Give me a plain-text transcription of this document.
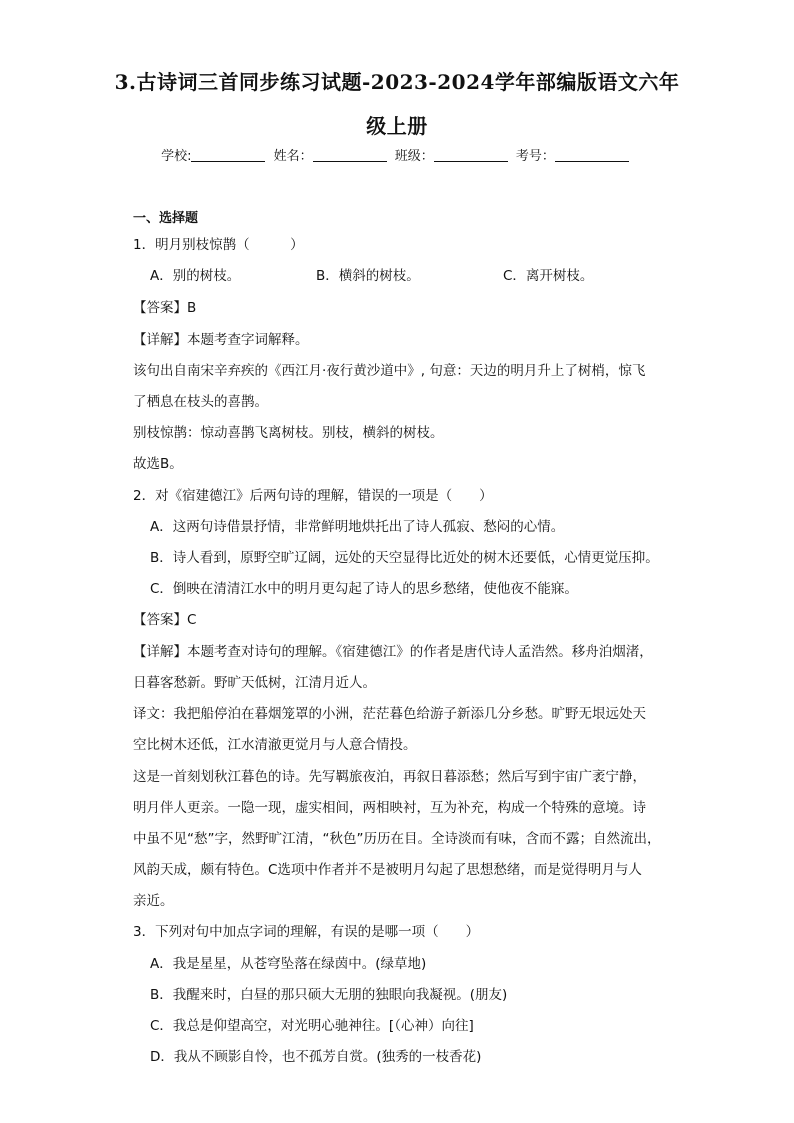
3.古诗词三首同步练习试题-2023-2024学年部编版语文六年
级上册
学校:	姓名：	班级：	考号：
一、选择题
1．明月别枝惊鹊（　　　）
A．别的树枝。	B．横斜的树枝。	C．离开树枝。
【答案】B
【详解】本题考查字词解释。
该句出自南宋辛弃疾的《西江月·夜行黄沙道中》, 句意：天边的明月升上了树梢，惊飞
了栖息在枝头的喜鹊。
别枝惊鹊：惊动喜鹊飞离树枝。别枝，横斜的树枝。
故选B。
2．对《宿建德江》后两句诗的理解，错误的一项是（　　）
A．这两句诗借景抒情，非常鲜明地烘托出了诗人孤寂、愁闷的心情。
B．诗人看到，原野空旷辽阔，远处的天空显得比近处的树木还要低，心情更觉压抑。
C．倒映在清清江水中的明月更勾起了诗人的思乡愁绪，使他夜不能寐。
【答案】C
【详解】本题考查对诗句的理解。《宿建德江》的作者是唐代诗人孟浩然。移舟泊烟渚，
日暮客愁新。野旷天低树，江清月近人。
译文：我把船停泊在暮烟笼罩的小洲，茫茫暮色给游子新添几分乡愁。旷野无垠远处天
空比树木还低，江水清澈更觉月与人意合情投。
这是一首刻划秋江暮色的诗。先写羁旅夜泊，再叙日暮添愁；然后写到宇宙广袤宁静，
明月伴人更亲。一隐一现，虚实相间，两相映衬，互为补充，构成一个特殊的意境。诗
中虽不见“愁”字，然野旷江清，“秋色”历历在目。全诗淡而有味，含而不露；自然流出，
风韵天成，颇有特色。C选项中作者并不是被明月勾起了思想愁绪，而是觉得明月与人
亲近。
3．下列对句中加点字词的理解，有误的是哪一项（　　）
A．我是星星，从苍穹坠落在绿茵中。(绿草地)
B．我醒来时，白昼的那只硕大无朋的独眼向我凝视。(朋友)
C．我总是仰望高空，对光明心驰神往。[（心神）向往]
D．我从不顾影自怜，也不孤芳自赏。(独秀的一枝香花)
